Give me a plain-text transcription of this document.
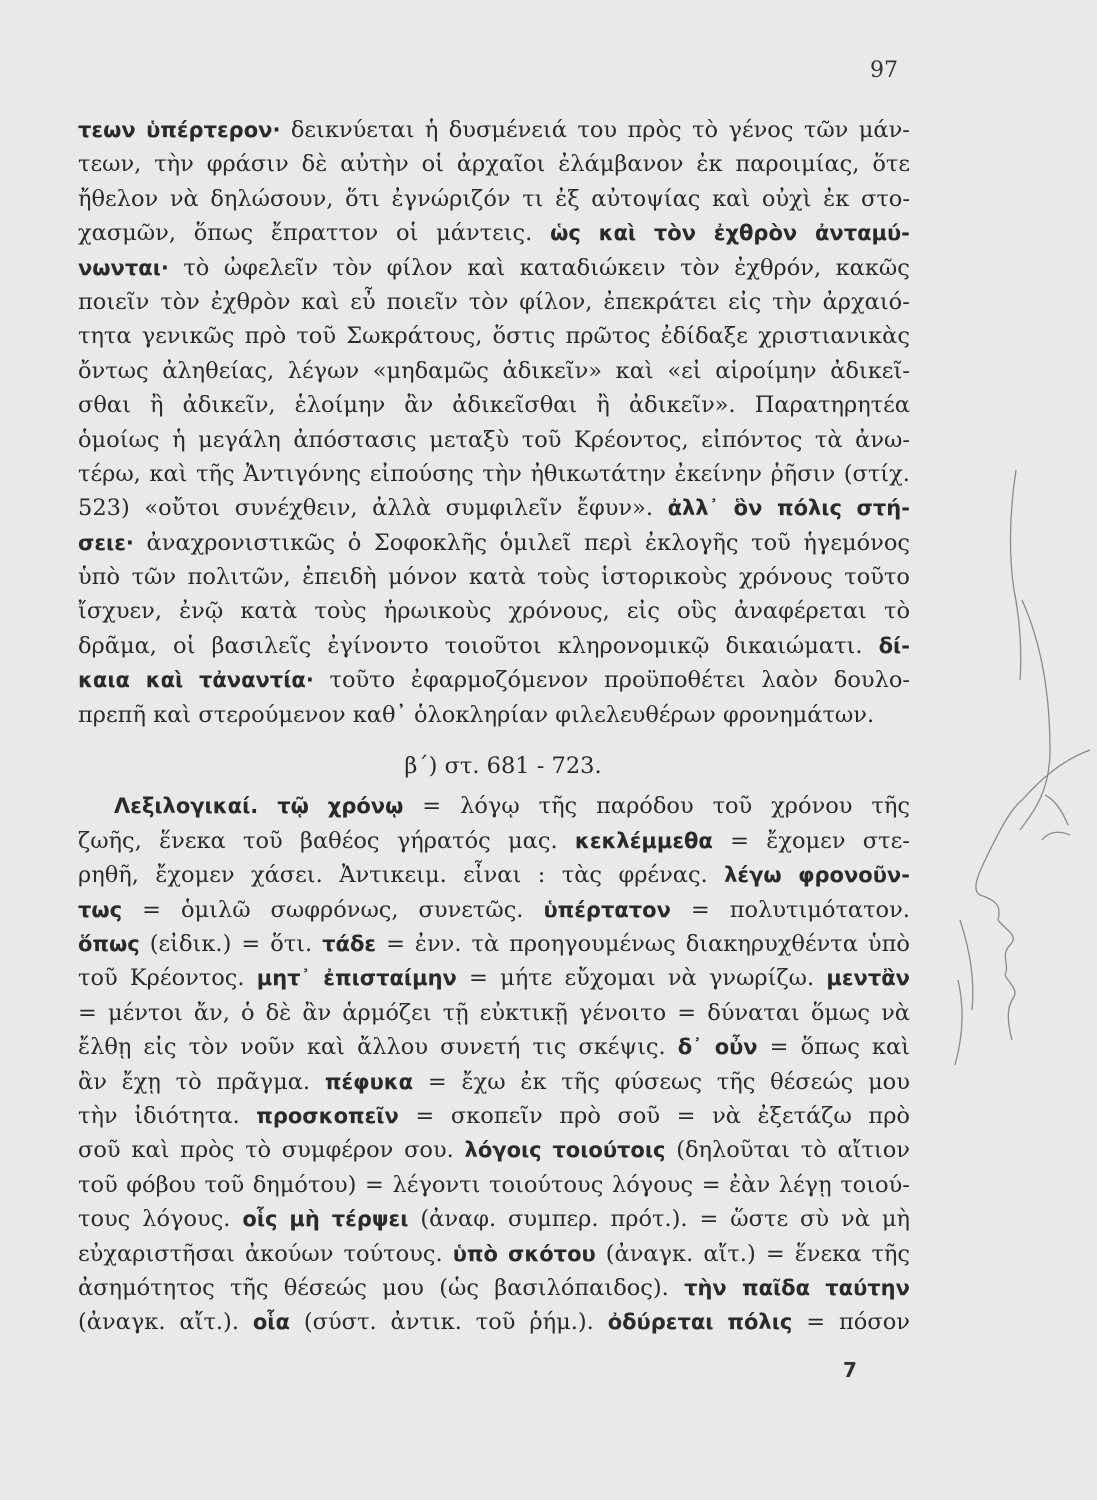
97
τεων ὑπέρτερον· δεικνύεται ἡ δυσμένειά του πρὸς τὸ γένος τῶν μάν-
τεων, τὴν φράσιν δὲ αὐτὴν οἱ ἀρχαῖοι ἐλάμβανον ἐκ παροιμίας, ὅτε
ἤθελον νὰ δηλώσουν, ὅτι ἐγνώριζόν τι ἐξ αὐτοψίας καὶ οὐχὶ ἐκ στο-
χασμῶν, ὅπως ἔπραττον οἱ μάντεις. ὡς καὶ τὸν ἐχθρὸν ἀνταμύ-
νωνται· τὸ ὠφελεῖν τὸν φίλον καὶ καταδιώκειν τὸν ἐχθρόν, κακῶς
ποιεῖν τὸν ἐχθρὸν καὶ εὖ ποιεῖν τὸν φίλον, ἐπεκράτει εἰς τὴν ἀρχαιό-
τητα γενικῶς πρὸ τοῦ Σωκράτους, ὅστις πρῶτος ἐδίδαξε χριστιανικὰς
ὄντως ἀληθείας, λέγων «μηδαμῶς ἀδικεῖν» καὶ «εἰ αἱροίμην ἀδικεῖ-
σθαι ἢ ἀδικεῖν, ἑλοίμην ἂν ἀδικεῖσθαι ἢ ἀδικεῖν». Παρατηρητέα
ὁμοίως ἡ μεγάλη ἀπόστασις μεταξὺ τοῦ Κρέοντος, εἰπόντος τὰ ἀνω-
τέρω, καὶ τῆς Ἀντιγόνης εἰπούσης τὴν ἠθικωτάτην ἐκείνην ῥῆσιν (στίχ.
523) «οὔτοι συνέχθειν, ἀλλὰ συμφιλεῖν ἔφυν». ἀλλ᾽ ὃν πόλις στή-
σειε· ἀναχρονιστικῶς ὁ Σοφοκλῆς ὁμιλεῖ περὶ ἐκλογῆς τοῦ ἡγεμόνος
ὑπὸ τῶν πολιτῶν, ἐπειδὴ μόνον κατὰ τοὺς ἱστορικοὺς χρόνους τοῦτο
ἴσχυεν, ἐνῷ κατὰ τοὺς ἡρωικοὺς χρόνους, εἰς οὓς ἀναφέρεται τὸ
δρᾶμα, οἱ βασιλεῖς ἐγίνοντο τοιοῦτοι κληρονομικῷ δικαιώματι. δί-
καια καὶ τἀναντία· τοῦτο ἐφαρμοζόμενον προϋποθέτει λαὸν δουλο-
πρεπῆ καὶ στερούμενον καθ᾽ ὁλοκληρίαν φιλελευθέρων φρονημάτων.
β΄) στ. 681 - 723.
Λεξιλογικαί. τῷ χρόνῳ = λόγῳ τῆς παρόδου τοῦ χρόνου τῆς
ζωῆς, ἕνεκα τοῦ βαθέος γήρατός μας. κεκλέμμεθα = ἔχομεν στε-
ρηθῆ, ἔχομεν χάσει. Ἀντικειμ. εἶναι : τὰς φρένας. λέγω φρονοῦν-
τως = ὁμιλῶ σωφρόνως, συνετῶς. ὑπέρτατον = πολυτιμότατον.
ὅπως (εἰδικ.) = ὅτι. τάδε = ἐνν. τὰ προηγουμένως διακηρυχθέντα ὑπὸ
τοῦ Κρέοντος. μητ᾽ ἐπισταίμην = μήτε εὔχομαι νὰ γνωρίζω. μεντἂν
= μέντοι ἄν, ὁ δὲ ἂν ἁρμόζει τῇ εὐκτικῇ γένοιτο = δύναται ὅμως νὰ
ἔλθῃ εἰς τὸν νοῦν καὶ ἄλλου συνετή τις σκέψις. δ᾽ οὖν = ὅπως καὶ
ἂν ἔχῃ τὸ πρᾶγμα. πέφυκα = ἔχω ἐκ τῆς φύσεως τῆς θέσεώς μου
τὴν ἰδιότητα. προσκοπεῖν = σκοπεῖν πρὸ σοῦ = νὰ ἐξετάζω πρὸ
σοῦ καὶ πρὸς τὸ συμφέρον σου. λόγοις τοιούτοις (δηλοῦται τὸ αἴτιον
τοῦ φόβου τοῦ δημότου) = λέγοντι τοιούτους λόγους = ἐὰν λέγῃ τοιού-
τους λόγους. οἷς μὴ τέρψει (ἀναφ. συμπερ. πρότ.). = ὥστε σὺ νὰ μὴ
εὐχαριστῆσαι ἀκούων τούτους. ὑπὸ σκότου (ἀναγκ. αἴτ.) = ἕνεκα τῆς
ἀσημότητος τῆς θέσεώς μου (ὡς βασιλόπαιδος). τὴν παῖδα ταύτην
(ἀναγκ. αἴτ.). οἷα (σύστ. ἀντικ. τοῦ ῥήμ.). ὀδύρεται πόλις = πόσον
7
